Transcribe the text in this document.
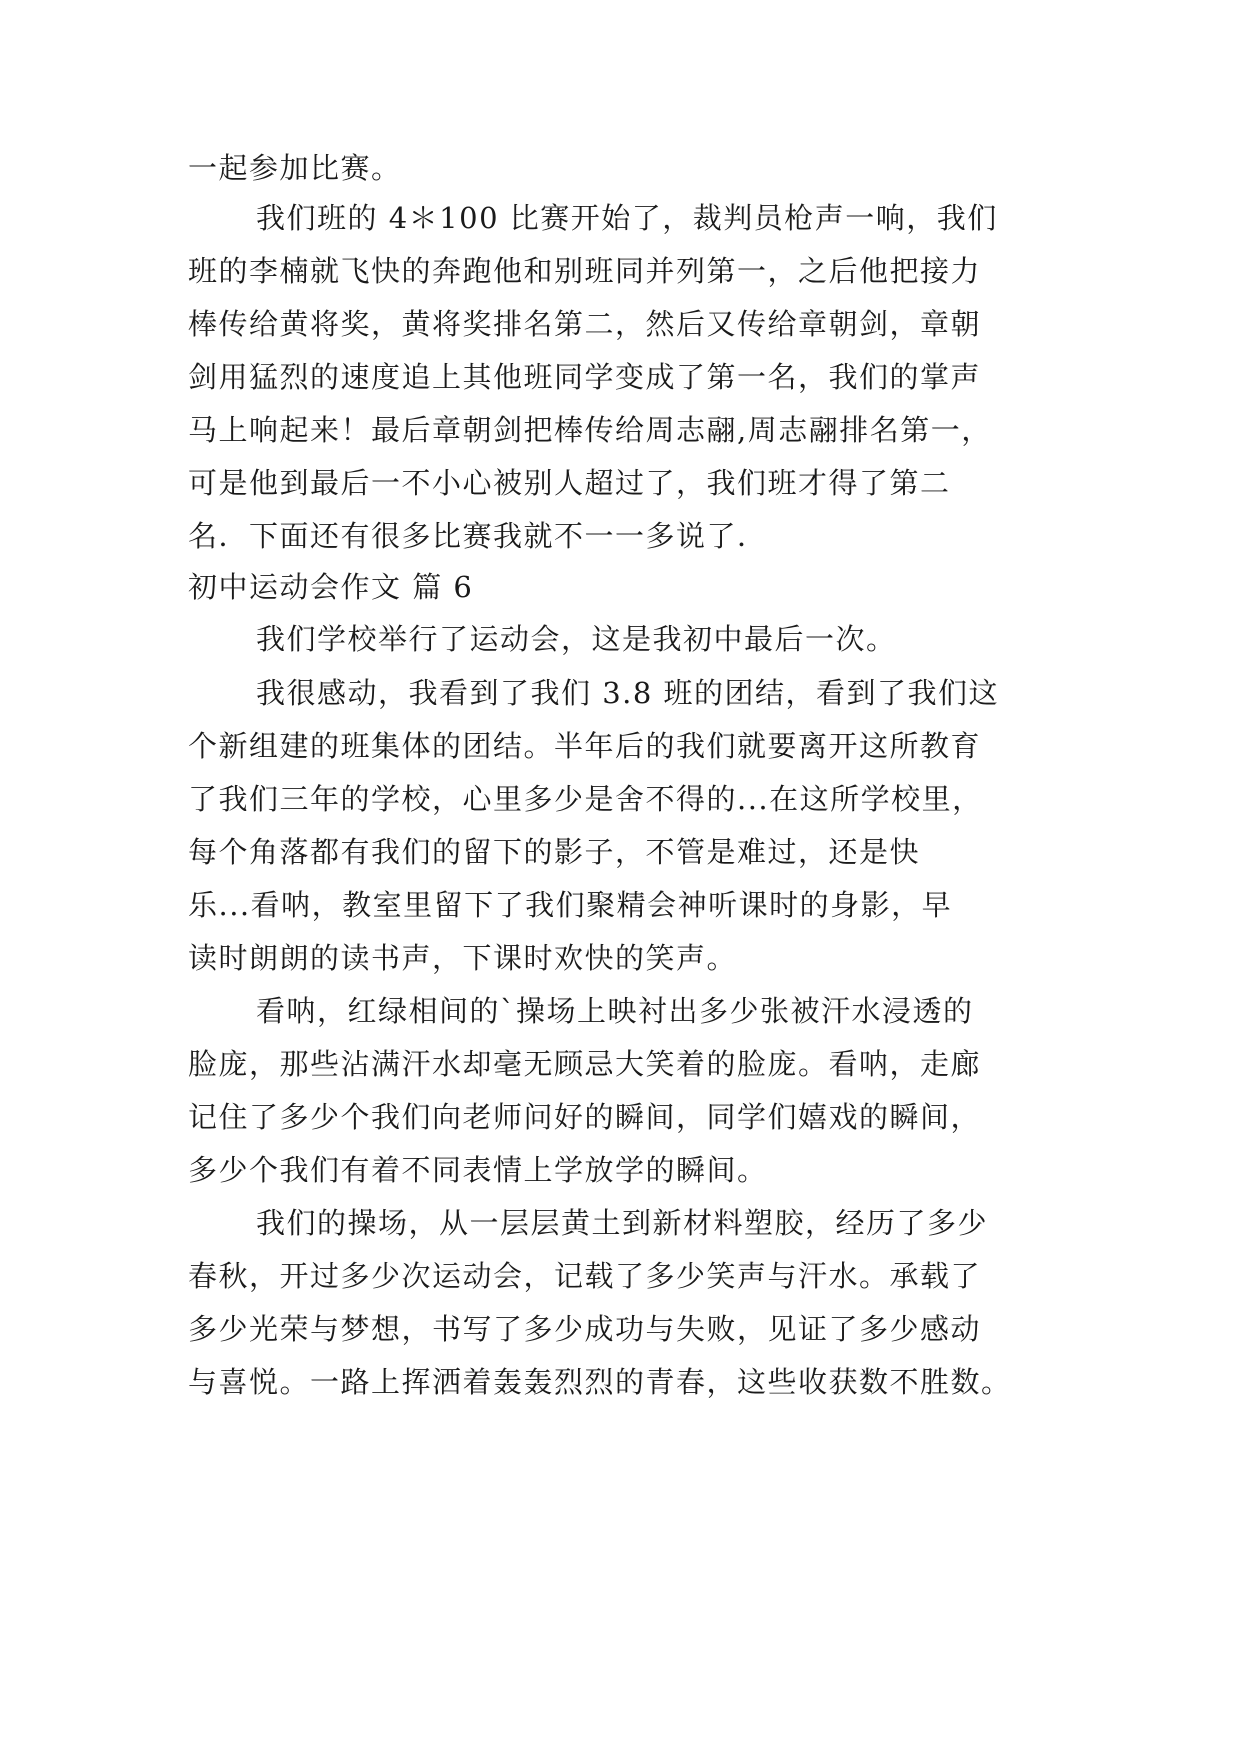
一起参加比赛。
我们班的 4＊100 比赛开始了，裁判员枪声一响，我们
班的李楠就飞快的奔跑他和别班同并列第一，之后他把接力
棒传给黄将奖，黄将奖排名第二，然后又传给章朝剑，章朝
剑用猛烈的速度追上其他班同学变成了第一名，我们的掌声
马上响起来！最后章朝剑把棒传给周志翮,周志翮排名第一，
可是他到最后一不小心被别人超过了，我们班才得了第二
名．下面还有很多比赛我就不一一多说了．
初中运动会作文 篇 6
我们学校举行了运动会，这是我初中最后一次。
我很感动，我看到了我们 3.8 班的团结，看到了我们这
个新组建的班集体的团结。半年后的我们就要离开这所教育
了我们三年的学校，心里多少是舍不得的...在这所学校里，
每个角落都有我们的留下的影子，不管是难过，还是快
乐...看呐，教室里留下了我们聚精会神听课时的身影，早
读时朗朗的读书声，下课时欢快的笑声。
看呐，红绿相间的`操场上映衬出多少张被汗水浸透的
脸庞，那些沾满汗水却毫无顾忌大笑着的脸庞。看呐，走廊
记住了多少个我们向老师问好的瞬间，同学们嬉戏的瞬间，
多少个我们有着不同表情上学放学的瞬间。
我们的操场，从一层层黄土到新材料塑胶，经历了多少
春秋，开过多少次运动会，记载了多少笑声与汗水。承载了
多少光荣与梦想，书写了多少成功与失败，见证了多少感动
与喜悦。一路上挥洒着轰轰烈烈的青春，这些收获数不胜数。
